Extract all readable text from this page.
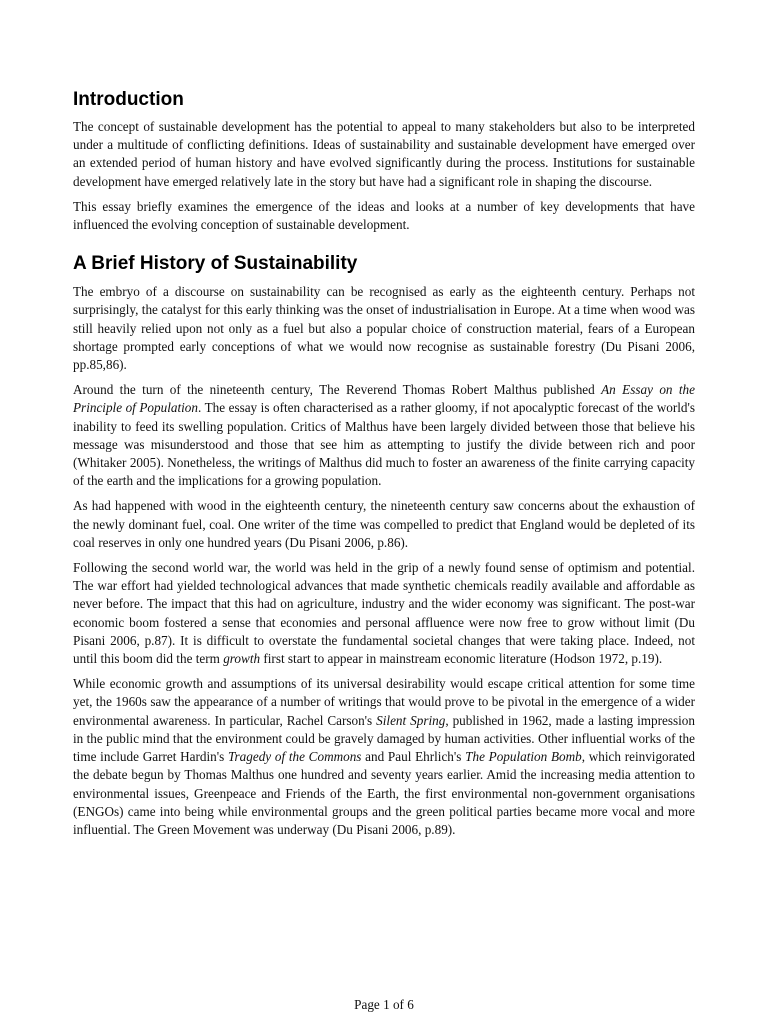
Introduction

The concept of sustainable development has the potential to appeal to many stakeholders but also to be interpreted under a multitude of conflicting definitions. Ideas of sustainability and sustainable development have emerged over an extended period of human history and have evolved significantly during the process. Institutions for sustainable development have emerged relatively late in the story but have had a significant role in shaping the discourse.

This essay briefly examines the emergence of the ideas and looks at a number of key developments that have influenced the evolving conception of sustainable development.

A Brief History of Sustainability

The embryo of a discourse on sustainability can be recognised as early as the eighteenth century. Perhaps not surprisingly, the catalyst for this early thinking was the onset of industrialisation in Europe. At a time when wood was still heavily relied upon not only as a fuel but also a popular choice of construction material, fears of a European shortage prompted early conceptions of what we would now recognise as sustainable forestry (Du Pisani 2006, pp.85,86).

Around the turn of the nineteenth century, The Reverend Thomas Robert Malthus published An Essay on the Principle of Population. The essay is often characterised as a rather gloomy, if not apocalyptic forecast of the world's inability to feed its swelling population. Critics of Malthus have been largely divided between those that believe his message was misunderstood and those that see him as attempting to justify the divide between rich and poor (Whitaker 2005). Nonetheless, the writings of Malthus did much to foster an awareness of the finite carrying capacity of the earth and the implications for a growing population.

As had happened with wood in the eighteenth century, the nineteenth century saw concerns about the exhaustion of the newly dominant fuel, coal. One writer of the time was compelled to predict that England would be depleted of its coal reserves in only one hundred years (Du Pisani 2006, p.86).

Following the second world war, the world was held in the grip of a newly found sense of optimism and potential. The war effort had yielded technological advances that made synthetic chemicals readily available and affordable as never before. The impact that this had on agriculture, industry and the wider economy was significant. The post-war economic boom fostered a sense that economies and personal affluence were now free to grow without limit (Du Pisani 2006, p.87). It is difficult to overstate the fundamental societal changes that were taking place. Indeed, not until this boom did the term growth first start to appear in mainstream economic literature (Hodson 1972, p.19).

While economic growth and assumptions of its universal desirability would escape critical attention for some time yet, the 1960s saw the appearance of a number of writings that would prove to be pivotal in the emergence of a wider environmental awareness. In particular, Rachel Carson's Silent Spring, published in 1962, made a lasting impression in the public mind that the environment could be gravely damaged by human activities. Other influential works of the time include Garret Hardin's Tragedy of the Commons and Paul Ehrlich's The Population Bomb, which reinvigorated the debate begun by Thomas Malthus one hundred and seventy years earlier. Amid the increasing media attention to environmental issues, Greenpeace and Friends of the Earth, the first environmental non-government organisations (ENGOs) came into being while environmental groups and the green political parties became more vocal and more influential. The Green Movement was underway (Du Pisani 2006, p.89).

Page 1 of 6
